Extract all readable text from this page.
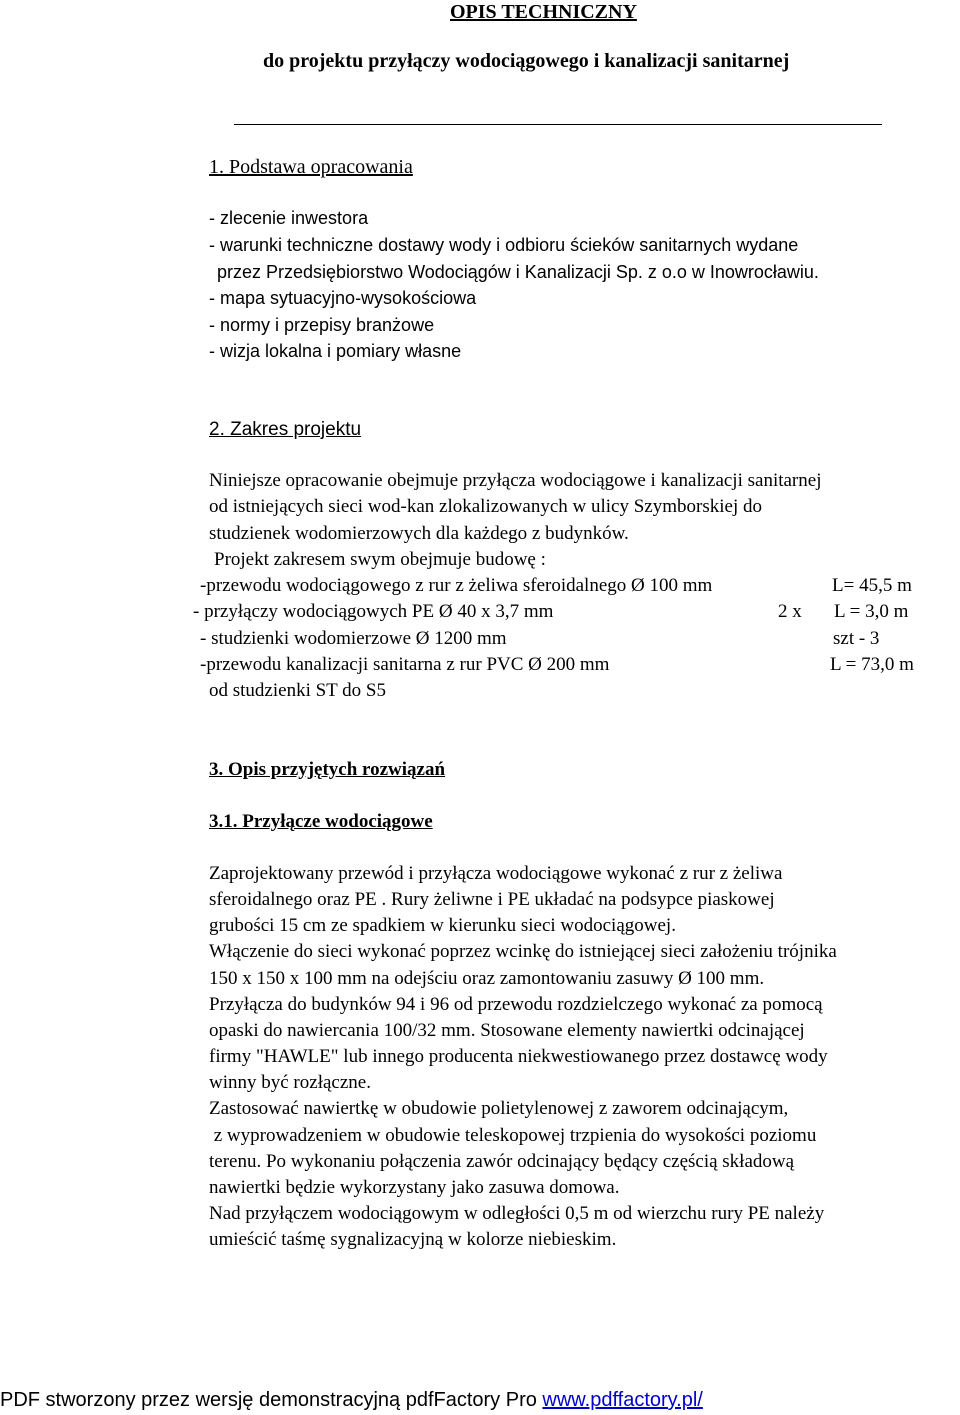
OPIS TECHNICZNY
do projektu przyłączy wodociągowego i kanalizacji sanitarnej
1. Podstawa opracowania
- zlecenie inwestora
- warunki techniczne dostawy wody i odbioru ścieków sanitarnych wydane
przez Przedsiębiorstwo Wodociągów i Kanalizacji Sp. z o.o w Inowrocławiu.
- mapa sytuacyjno-wysokościowa
- normy i przepisy branżowe
- wizja lokalna i pomiary własne
2. Zakres projektu
Niniejsze opracowanie obejmuje przyłącza wodociągowe i kanalizacji sanitarnej
od istniejących sieci wod-kan zlokalizowanych w ulicy Szymborskiej do
studzienek wodomierzowych dla każdego z budynków.
Projekt zakresem swym obejmuje budowę :
-przewodu wodociągowego z rur z żeliwa sferoidalnego Ø 100 mm	L= 45,5 m
- przyłączy wodociągowych PE Ø 40 x 3,7 mm	2 x L = 3,0 m
- studzienki wodomierzowe Ø 1200 mm	szt - 3
-przewodu kanalizacji sanitarna z rur PVC Ø 200 mm	L = 73,0 m
od studzienki ST do S5
3. Opis przyjętych rozwiązań
3.1. Przyłącze wodociągowe
Zaprojektowany przewód i przyłącza wodociągowe wykonać z rur z żeliwa
sferoidalnego oraz PE . Rury żeliwne i PE układać na podsypce piaskowej
grubości 15 cm ze spadkiem w kierunku sieci wodociągowej.
Włączenie do sieci wykonać poprzez wcinkę do istniejącej sieci założeniu trójnika
150 x 150 x 100 mm na odejściu oraz zamontowaniu zasuwy Ø 100 mm.
Przyłącza do budynków 94 i 96 od przewodu rozdzielczego wykonać za pomocą
opaski do nawiercania 100/32 mm. Stosowane elementy nawiertki odcinającej
firmy "HAWLE" lub innego producenta niekwestiowanego przez dostawcę wody
winny być rozłączne.
Zastosować nawiertkę w obudowie polietylenowej z zaworem odcinającym,
z wyprowadzeniem w obudowie teleskopowej trzpienia do wysokości poziomu
terenu. Po wykonaniu połączenia zawór odcinający będący częścią składową
nawiertki będzie wykorzystany jako zasuwa domowa.
Nad przyłączem wodociągowym w odległości 0,5 m od wierzchu rury PE należy
umieścić taśmę sygnalizacyjną w kolorze niebieskim.
PDF stworzony przez wersję demonstracyjną pdfFactory Pro www.pdffactory.pl/
